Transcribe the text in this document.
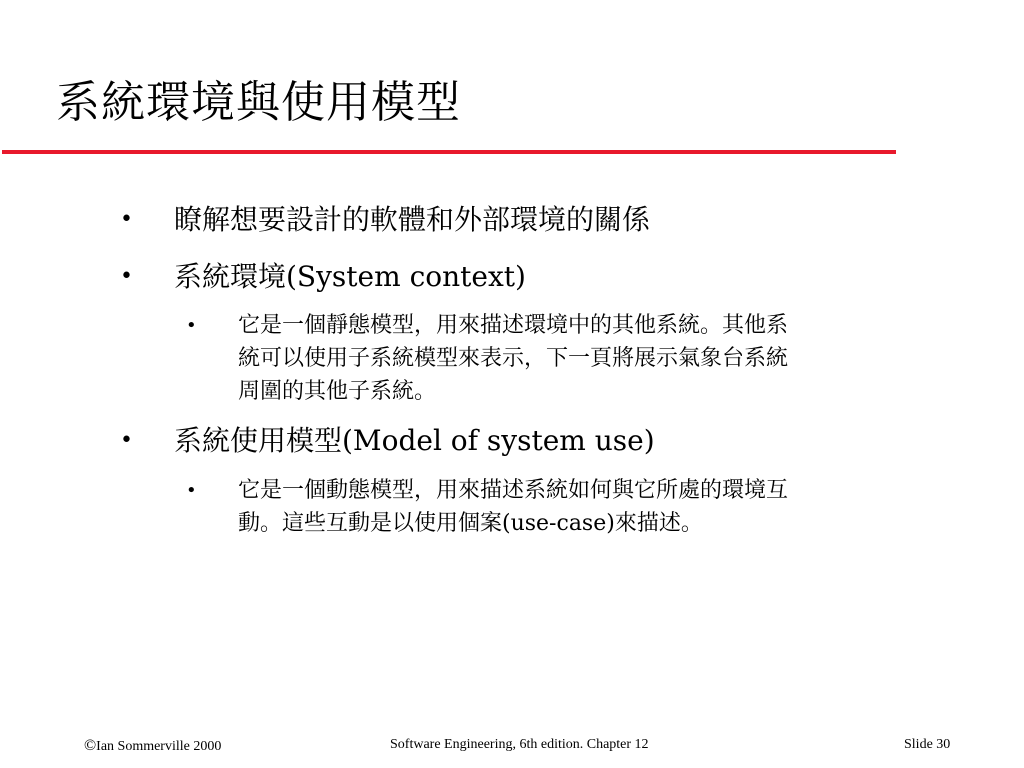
系統環境與使用模型
• 瞭解想要設計的軟體和外部環境的關係
• 系統環境(System context)
• 它是一個靜態模型，用來描述環境中的其他系統。其他系
統可以使用子系統模型來表示，下一頁將展示氣象台系統
周圍的其他子系統。
• 系統使用模型(Model of system use)
• 它是一個動態模型，用來描述系統如何與它所處的環境互
動。這些互動是以使用個案(use-case)來描述。
©Ian Sommerville 2000	Software Engineering, 6th edition. Chapter 12	Slide 30
